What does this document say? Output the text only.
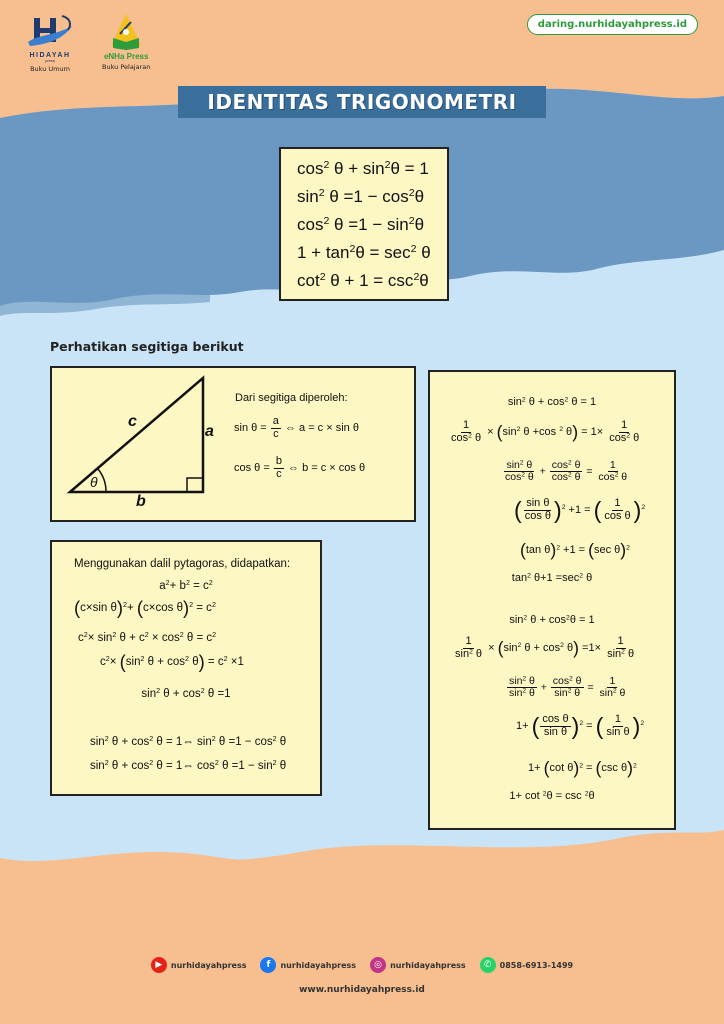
HIDAYAH
press
Buku Umum
eNHa Press
Buku Pelajaran
daring.nurhidayahpress.id
IDENTITAS TRIGONOMETRI
$\cos^2 \theta + \sin^2\theta = 1$
$\sin^2 \theta =1 - \cos^2\theta$
$\cos^2 \theta =1 - \sin^2\theta$
$1 + \tan^2\theta = \sec^2 \theta$
$\cot^2 \theta + 1 = \csc^2\theta$
Perhatikan segitiga berikut
c
a
b
θ
Dari segitiga diperoleh:
$\sin \theta = \frac{a}{c}$ ⇔ a = c × sin θ
$\cos \theta = \frac{b}{c}$ ⇔ b = c × cos θ
Menggunakan dalil pytagoras, didapatkan:
$a^2+ b^2 = c^2$
(c×sin θ)$^2$+ (c×cos $\theta)^2 = c^2$
$c^2\times \sin^2 \theta + c^2 \times \cos^2 \theta = c^2$
$c^2\times (\sin^2$ $\theta + \cos^2 \theta) = c^2 \times 1$
$\sin^2 \theta + \cos^2 \theta =1$
$\sin^2 \theta + \cos^2 \theta$ = 1⇔ $\sin^2 \theta =1 - \cos^2 \theta$
$\sin^2 \theta + \cos^2 \theta$ = 1⇔ $\cos^2 \theta =1 - \sin^2 \theta$
$\sin^2 \theta + \cos^2 \theta = 1$
$\frac{1}{\cos^2 \theta} \times (\sin^2$ θ +cos $^2$ $\theta) = 1\times \frac{1}{\cos^2 \theta}$
$\frac{\sin^2 \theta}{\cos^2 \theta} + \frac{\cos^2 \theta}{\cos^2 \theta} = \frac{1}{\cos^2 \theta}$
( $\frac{\text{sin θ}}{\text{cos θ}} )^2 +1$ = ( $\frac{1}{\text{cos θ}} )^2$
(tan θ)$^2$ +1 = (sec θ)$^2$
$\tan^2 \theta+1 =\sec^2$ θ
$\sin^2 \theta + \cos^2\theta = 1$
$\frac{1}{\sin^2 \theta} \times (\sin^2$ $\theta + \cos^2 \theta) =1\times \frac{1}{\sin^2 \theta}$
$\frac{\sin^2 \theta}{\sin^2 \theta} + \frac{\cos^2 \theta}{\sin^2 \theta} = \frac{1}{\sin^2 \theta}$
1+ ( $\frac{\text{cos θ}}{\text{sin θ}} )^2$ = ( $\frac{1}{\text{sin θ}} )^2$
1+ (cot θ)$^2$ = (csc θ)$^2$
1+ cot $^2$θ = csc $^2$θ
▶	nurhidayahpress	f	nurhidayahpress	◎	nurhidayahpress	✆	0858-6913-1499
www.nurhidayahpress.id
